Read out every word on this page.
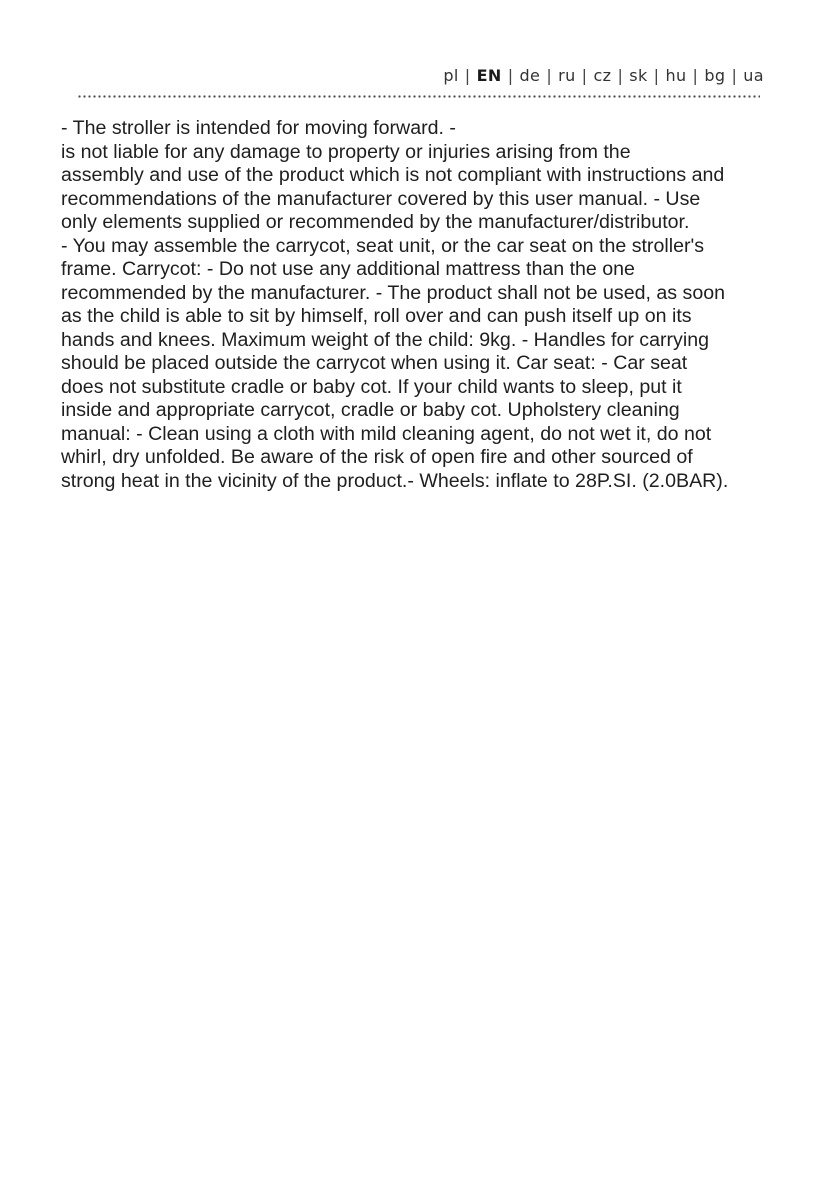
pl | EN | de | ru | cz | sk | hu | bg | ua
- The stroller is intended for moving forward. -
is not liable for any damage to property or injuries arising from the
assembly and use of the product which is not compliant with instructions and
recommendations of the manufacturer covered by this user manual. - Use
only elements supplied or recommended by the manufacturer/distributor.
- You may assemble the carrycot, seat unit, or the car seat on the stroller's
frame. Carrycot: - Do not use any additional mattress than the one
recommended by the manufacturer. - The product shall not be used, as soon
as the child is able to sit by himself, roll over and can push itself up on its
hands and knees. Maximum weight of the child: 9kg. - Handles for carrying
should be placed outside the carrycot when using it. Car seat: - Car seat
does not substitute cradle or baby cot. If your child wants to sleep, put it
inside and appropriate carrycot, cradle or baby cot. Upholstery cleaning
manual: - Clean using a cloth with mild cleaning agent, do not wet it, do not
whirl, dry unfolded. Be aware of the risk of open fire and other sourced of
strong heat in the vicinity of the product.- Wheels: inflate to 28P.SI. (2.0BAR).
